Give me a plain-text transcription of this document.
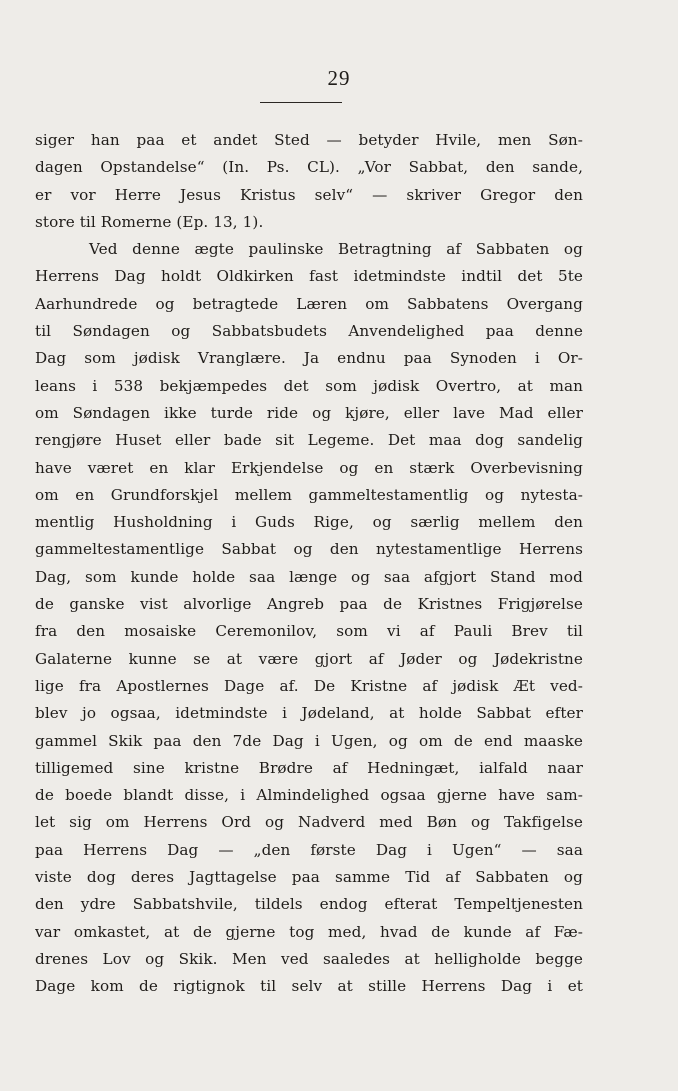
29
siger han paa et andet Sted — betyder Hvile, men Søn-
dagen Opstandelse“ (In. Ps. CL). „Vor Sabbat, den sande,
er vor Herre Jesus Kristus selv“ — skriver Gregor den
store til Romerne (Ep. 13, 1).
Ved denne ægte paulinske Betragtning af Sabbaten og
Herrens Dag holdt Oldkirken fast idetmindste indtil det 5te
Aarhundrede og betragtede Læren om Sabbatens Overgang
til Søndagen og Sabbatsbudets Anvendelighed paa denne
Dag som jødisk Vranglære. Ja endnu paa Synoden i Or-
leans i 538 bekjæmpedes det som jødisk Overtro, at man
om Søndagen ikke turde ride og kjøre, eller lave Mad eller
rengjøre Huset eller bade sit Legeme. Det maa dog sandelig
have været en klar Erkjendelse og en stærk Overbevisning
om en Grundforskjel mellem gammeltestamentlig og nytesta-
mentlig Husholdning i Guds Rige, og særlig mellem den
gammeltestamentlige Sabbat og den nytestamentlige Herrens
Dag, som kunde holde saa længe og saa afgjort Stand mod
de ganske vist alvorlige Angreb paa de Kristnes Frigjørelse
fra den mosaiske Ceremonilov, som vi af Pauli Brev til
Galaterne kunne se at være gjort af Jøder og Jødekristne
lige fra Apostlernes Dage af. De Kristne af jødisk Æt ved-
blev jo ogsaa, idetmindste i Jødeland, at holde Sabbat efter
gammel Skik paa den 7de Dag i Ugen, og om de end maaske
tilligemed sine kristne Brødre af Hedningæt, ialfald naar
de boede blandt disse, i Almindelighed ogsaa gjerne have sam-
let sig om Herrens Ord og Nadverd med Bøn og Takfigelse
paa Herrens Dag — „den første Dag i Ugen“ — saa
viste dog deres Jagttagelse paa samme Tid af Sabbaten og
den ydre Sabbatshvile, tildels endog efterat Tempeltjenesten
var omkastet, at de gjerne tog med, hvad de kunde af Fæ-
drenes Lov og Skik. Men ved saaledes at helligholde begge
Dage kom de rigtignok til selv at stille Herrens Dag i et
